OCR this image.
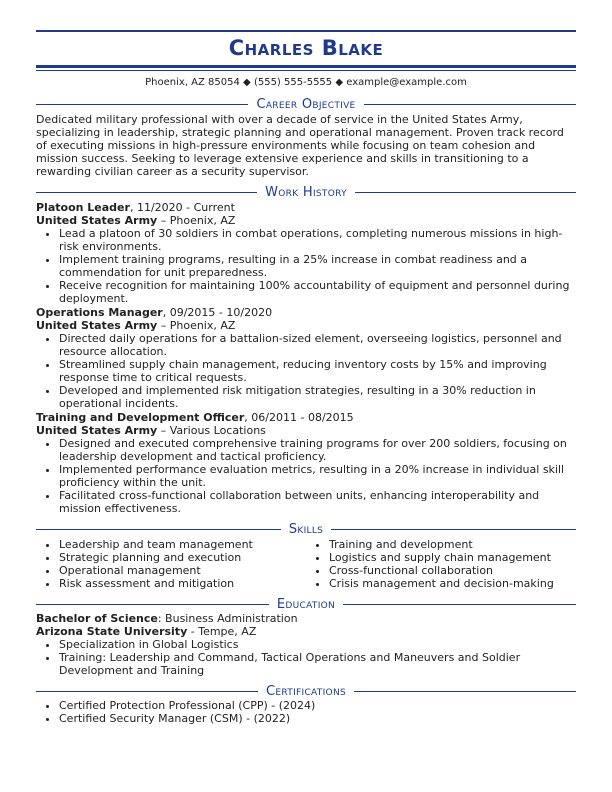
Charles Blake
Phoenix, AZ 85054 ◆ (555) 555-5555 ◆ example@example.com
Career Objective

Dedicated military professional with over a decade of service in the United States Army, specializing in leadership, strategic planning and operational management. Proven track record of executing missions in high-pressure environments while focusing on team cohesion and mission success. Seeking to leverage extensive experience and skills in transitioning to a rewarding civilian career as a security supervisor.

Work History
Platoon Leader, 11/2020 - Current
United States Army – Phoenix, AZ
• Lead a platoon of 30 soldiers in combat operations, completing numerous missions in high-risk environments.
• Implement training programs, resulting in a 25% increase in combat readiness and a commendation for unit preparedness.
• Receive recognition for maintaining 100% accountability of equipment and personnel during deployment.
Operations Manager, 09/2015 - 10/2020
United States Army – Phoenix, AZ
• Directed daily operations for a battalion-sized element, overseeing logistics, personnel and resource allocation.
• Streamlined supply chain management, reducing inventory costs by 15% and improving response time to critical requests.
• Developed and implemented risk mitigation strategies, resulting in a 30% reduction in operational incidents.
Training and Development Officer, 06/2011 - 08/2015
United States Army – Various Locations
• Designed and executed comprehensive training programs for over 200 soldiers, focusing on leadership development and tactical proficiency.
• Implemented performance evaluation metrics, resulting in a 20% increase in individual skill proficiency within the unit.
• Facilitated cross-functional collaboration between units, enhancing interoperability and mission effectiveness.
Skills
• Leadership and team management
• Strategic planning and execution
• Operational management
• Risk assessment and mitigation
• Training and development
• Logistics and supply chain management
• Cross-functional collaboration
• Crisis management and decision-making
Education
Bachelor of Science: Business Administration
Arizona State University - Tempe, AZ
• Specialization in Global Logistics
• Training: Leadership and Command, Tactical Operations and Maneuvers and Soldier Development and Training
Certifications
• Certified Protection Professional (CPP) - (2024)
• Certified Security Manager (CSM) - (2022)
